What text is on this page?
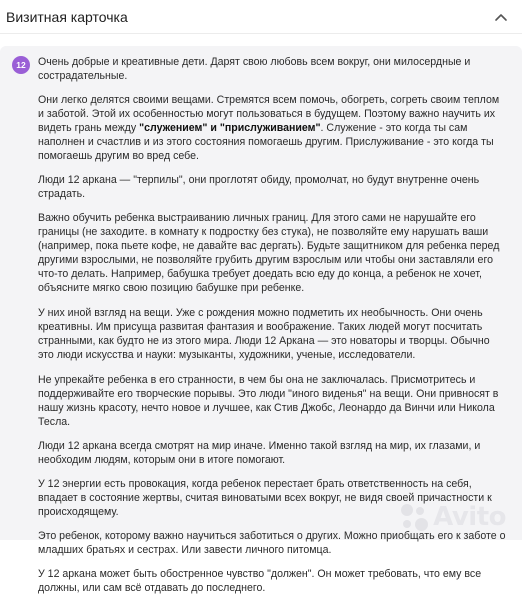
Визитная карточка
12	Очень добрые и креативные дети. Дарят свою любовь всем вокруг, они милосердные и сострадательные.

Они легко делятся своими вещами. Стремятся всем помочь, обогреть, согреть своим теплом и заботой. Этой их особенностью могут пользоваться в будущем. Поэтому важно научить их видеть грань между "служением" и "прислуживанием". Служение - это когда ты сам наполнен и счастлив и из этого состояния помогаешь другим. Прислуживание - это когда ты помогаешь другим во вред себе.

Люди 12 аркана — "терпилы", они проглотят обиду, промолчат, но будут внутренне очень страдать.

Важно обучить ребенка выстраиванию личных границ. Для этого сами не нарушайте его границы (не заходите. в комнату к подростку без стука), не позволяйте ему нарушать ваши (например, пока пьете кофе, не давайте вас дергать). Будьте защитником для ребенка перед другими взрослыми, не позволяйте грубить другим взрослым или чтобы они заставляли его что-то делать. Например, бабушка требует доедать всю еду до конца, а ребенок не хочет, объясните мягко свою позицию бабушке при ребенке.

У них иной взгляд на вещи. Уже с рождения можно подметить их необычность. Они очень креативны. Им присуща развитая фантазия и воображение. Таких людей могут посчитать странными, как будто не из этого мира. Люди 12 Аркана — это новаторы и творцы. Обычно это люди искусства и науки: музыканты, художники, ученые, исследователи.

Не упрекайте ребенка в его странности, в чем бы она не заключалась. Присмотритесь и поддерживайте его творческие порывы. Это люди "иного виденья" на вещи. Они привносят в нашу жизнь красоту, нечто новое и лучшее, как Стив Джобс, Леонардо да Винчи или Никола Тесла.

Люди 12 аркана всегда смотрят на мир иначе. Именно такой взгляд на мир, их глазами, и необходим людям, которым они в итоге помогают.

У 12 энергии есть провокация, когда ребенок перестает брать ответственность на себя, впадает в состояние жертвы, считая виноватыми всех вокруг, не видя своей причастности к происходящему.

Это ребенок, которому важно научиться заботиться о других. Можно приобщать его к заботе о младших братьях и сестрах. Или завести личного питомца.

У 12 аркана может быть обостренное чувство "должен". Он может требовать, что ему все должны, или сам всё отдавать до последнего.

Avito
